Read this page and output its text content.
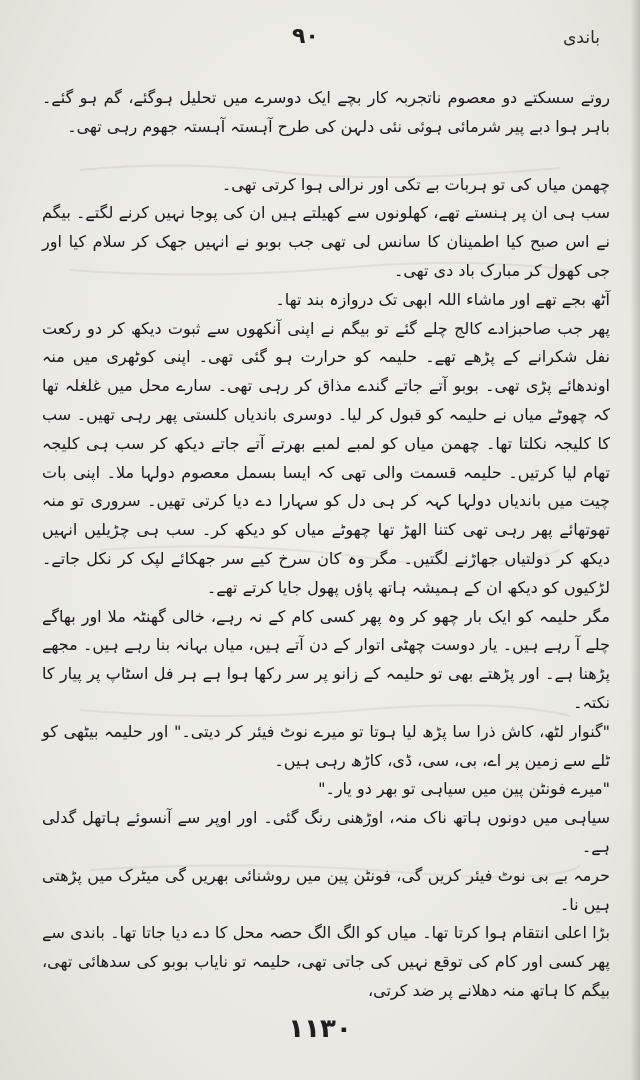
۹۰	باندی

روتے سسکتے دو معصوم ناتجربہ کار بچے ایک دوسرے میں تحلیل ہوگئے، گم ہو گئے۔ باہر ہوا دبے پیر شرمائی ہوئی نئی دلہن کی طرح آہستہ آہستہ جھوم رہی تھی۔

چھمن میاں کی تو ہربات بے تکی اور نرالی ہوا کرتی تھی۔

سب ہی ان پر ہنستے تھے، کھلونوں سے کھیلتے ہیں ان کی پوجا نہیں کرنے لگتے۔ بیگم نے اس صبح کیا اطمینان کا سانس لی تھی جب بوبو نے انہیں جھک کر سلام کیا اور جی کھول کر مبارک باد دی تھی۔

آٹھ بجے تھے اور ماشاء اللہ ابھی تک دروازہ بند تھا۔

پھر جب صاحبزادے کالج چلے گئے تو بیگم نے اپنی آنکھوں سے ثبوت دیکھ کر دو رکعت نفل شکرانے کے پڑھے تھے۔ حلیمہ کو حرارت ہو گئی تھی۔ اپنی کوٹھری میں منہ اوندھائے پڑی تھی۔ بوبو آتے جاتے گندے مذاق کر رہی تھی۔ سارے محل میں غلغلہ تھا کہ چھوٹے میاں نے حلیمہ کو قبول کر لیا۔ دوسری باندیاں کلستی پھر رہی تھیں۔ سب کا کلیجہ نکلتا تھا۔ چھمن میاں کو لمبے لمبے بھرتے آتے جاتے دیکھ کر سب ہی کلیجہ تھام لیا کرتیں۔ حلیمہ قسمت والی تھی کہ ایسا بسمل معصوم دولہا ملا۔ اپنی بات چیت میں باندیاں دولہا کہہ کر ہی دل کو سہارا دے دیا کرتی تھیں۔ سروری تو منہ تھوتھائے پھر رہی تھی کتنا الھڑ تھا چھوٹے میاں کو دیکھ کر۔ سب ہی چڑیلیں انہیں دیکھ کر دولتیاں جھاڑنے لگتیں۔ مگر وہ کان سرخ کیے سر جھکائے لپک کر نکل جاتے۔ لڑکیوں کو دیکھ ان کے ہمیشہ ہاتھ پاؤں پھول جایا کرتے تھے۔

مگر حلیمہ کو ایک بار چھو کر وہ پھر کسی کام کے نہ رہے، خالی گھنٹہ ملا اور بھاگے چلے آ رہے ہیں۔ یار دوست چھٹی اتوار کے دن آتے ہیں، میاں بہانہ بنا رہے ہیں۔ مجھے پڑھنا ہے۔ اور پڑھتے بھی تو حلیمہ کے زانو پر سر رکھا ہوا ہے ہر فل اسٹاپ پر پیار کا نکتہ۔

"گنوار لٹھ، کاش ذرا سا پڑھ لیا ہوتا تو میرے نوٹ فیئر کر دیتی۔" اور حلیمہ بیٹھی کو ٹلے سے زمین پر اے، بی، سی، ڈی، کاڑھ رہی ہیں۔

"میرے فونٹن پین میں سیاہی تو بھر دو یار۔"

سیاہی میں دونوں ہاتھ ناک منہ، اوڑھنی رنگ گئی۔ اور اوپر سے آنسوئے ہاتھل گدلی ہے۔

حرمہ بے بی نوٹ فیئر کریں گی، فونٹن پین میں روشنائی بھریں گی میٹرک میں پڑھتی ہیں نا۔

بڑا اعلی انتقام ہوا کرتا تھا۔ میاں کو الگ الگ حصہ محل کا دے دیا جاتا تھا۔ باندی سے پھر کسی اور کام کی توقع نہیں کی جاتی تھی، حلیمہ تو نایاب بوبو کی سدھائی تھی، بیگم کا ہاتھ منہ دھلانے پر ضد کرتی،

۱۱۳۰
